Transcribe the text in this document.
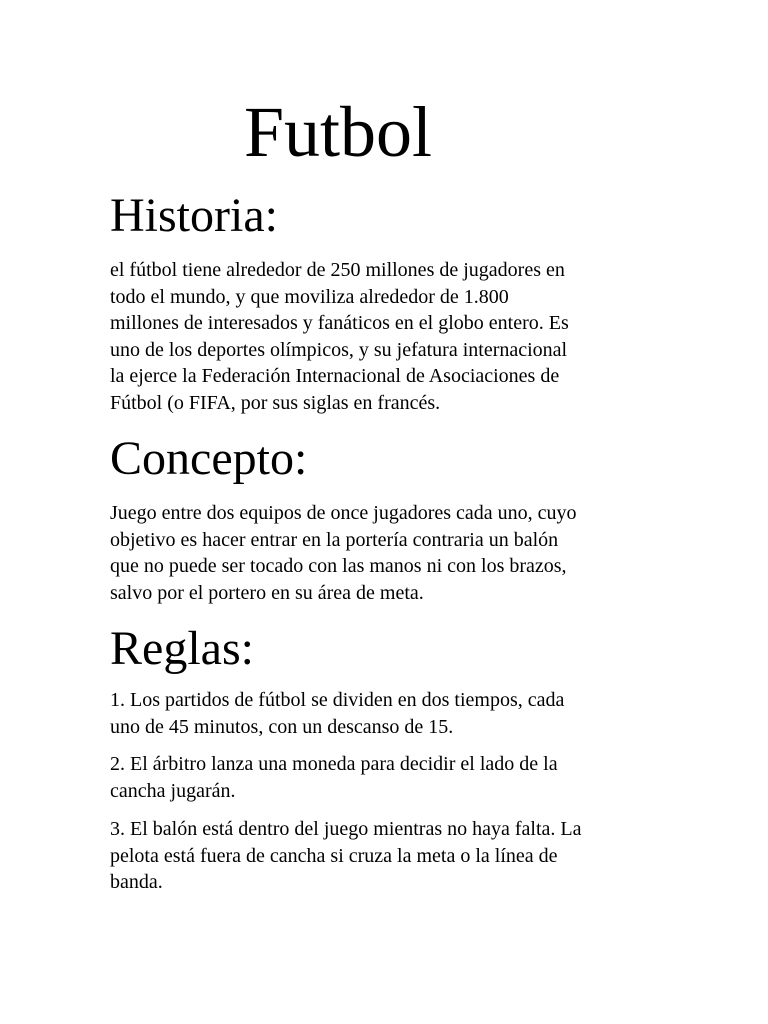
Futbol
Historia:

el fútbol tiene alrededor de 250 millones de jugadores en
todo el mundo, y que moviliza alrededor de 1.800
millones de interesados y fanáticos en el globo entero. Es
uno de los deportes olímpicos, y su jefatura internacional
la ejerce la Federación Internacional de Asociaciones de
Fútbol (o FIFA, por sus siglas en francés.

Concepto:

Juego entre dos equipos de once jugadores cada uno, cuyo
objetivo es hacer entrar en la portería contraria un balón
que no puede ser tocado con las manos ni con los brazos,
salvo por el portero en su área de meta.

Reglas:

1. Los partidos de fútbol se dividen en dos tiempos, cada
uno de 45 minutos, con un descanso de 15.

2. El árbitro lanza una moneda para decidir el lado de la
cancha jugarán.

3. El balón está dentro del juego mientras no haya falta. La
pelota está fuera de cancha si cruza la meta o la línea de
banda.
